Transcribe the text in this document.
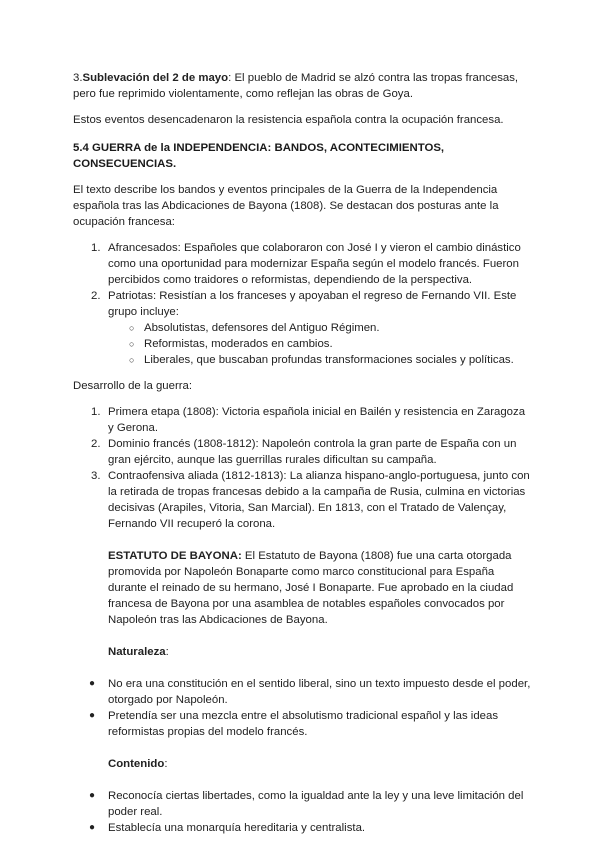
3.Sublevación del 2 de mayo: El pueblo de Madrid se alzó contra las tropas francesas, pero fue reprimido violentamente, como reflejan las obras de Goya.

Estos eventos desencadenaron la resistencia española contra la ocupación francesa.

5.4 GUERRA de la INDEPENDENCIA: BANDOS, ACONTECIMIENTOS, CONSECUENCIAS.

El texto describe los bandos y eventos principales de la Guerra de la Independencia española tras las Abdicaciones de Bayona (1808). Se destacan dos posturas ante la ocupación francesa:

1. Afrancesados: Españoles que colaboraron con José I y vieron el cambio dinástico como una oportunidad para modernizar España según el modelo francés. Fueron percibidos como traidores o reformistas, dependiendo de la perspectiva.
2. Patriotas: Resistían a los franceses y apoyaban el regreso de Fernando VII. Este grupo incluye:
○ Absolutistas, defensores del Antiguo Régimen.
○ Reformistas, moderados en cambios.
○ Liberales, que buscaban profundas transformaciones sociales y políticas.

Desarrollo de la guerra:

1. Primera etapa (1808): Victoria española inicial en Bailén y resistencia en Zaragoza y Gerona.
2. Dominio francés (1808-1812): Napoleón controla la gran parte de España con un gran ejército, aunque las guerrillas rurales dificultan su campaña.
3. Contraofensiva aliada (1812-1813): La alianza hispano-anglo-portuguesa, junto con la retirada de tropas francesas debido a la campaña de Rusia, culmina en victorias decisivas (Arapiles, Vitoria, San Marcial). En 1813, con el Tratado de Valençay, Fernando VII recuperó la corona.

ESTATUTO DE BAYONA: El Estatuto de Bayona (1808) fue una carta otorgada promovida por Napoleón Bonaparte como marco constitucional para España durante el reinado de su hermano, José I Bonaparte. Fue aprobado en la ciudad francesa de Bayona por una asamblea de notables españoles convocados por Napoleón tras las Abdicaciones de Bayona.

Naturaleza:

● No era una constitución en el sentido liberal, sino un texto impuesto desde el poder, otorgado por Napoleón.
● Pretendía ser una mezcla entre el absolutismo tradicional español y las ideas reformistas propias del modelo francés.

Contenido:

● Reconocía ciertas libertades, como la igualdad ante la ley y una leve limitación del poder real.
● Establecía una monarquía hereditaria y centralista.
